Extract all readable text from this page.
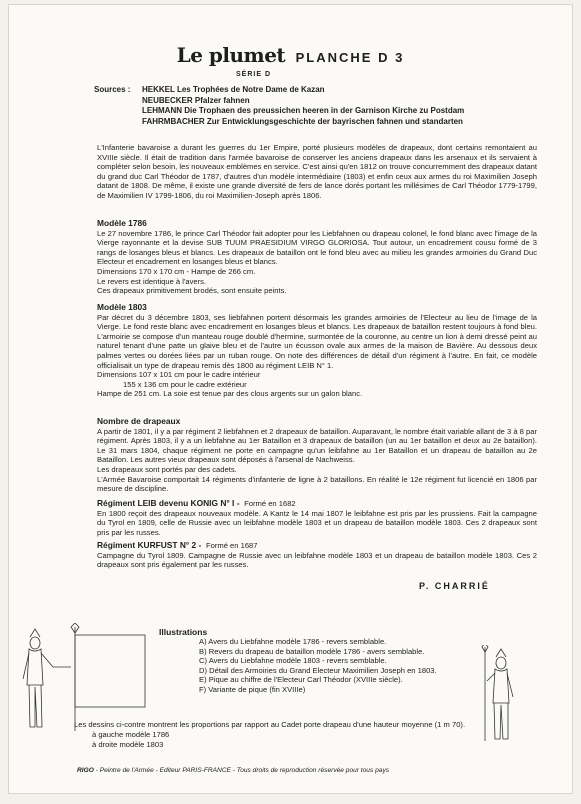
Le plumet PLANCHE D 3
SÉRIE D
Sources : HEKKEL Les Trophées de Notre Dame de Kazan
NEUBECKER Pfalzer fahnen
LEHMANN Die Trophaen des preussichen heeren in der Garnison Kirche zu Postdam
FAHRMBACHER Zur Entwicklungsgeschichte der bayrischen fahnen und standarten

L'Infanterie bavaroise a durant les guerres du 1er Empire, porté plusieurs modèles de drapeaux, dont certains remontaient au XVIIIe siècle. Il était de tradition dans l'armée bavaroise de conserver les anciens drapeaux dans les arsenaux et ils servaient à compléter selon besoin, les nouveaux emblèmes en service. C'est ainsi qu'en 1812 on trouve concurremment des drapeaux datant du grand duc Carl Théodor de 1787, d'autres d'un modèle intermédiaire (1803) et enfin ceux aux armes du roi Maximilien Joseph datant de 1808. De même, il existe une grande diversité de fers de lance dorés portant les millésimes de Carl Théodor 1779-1799, de Maximilien IV 1799-1806, du roi Maximilien-Joseph après 1806.

Modèle 1786

Le 27 novembre 1786, le prince Carl Théodor fait adopter pour les Liebfahnen ou drapeau colonel, le fond blanc avec l'image de la Vierge rayonnante et la devise SUB TUUM PRAESIDIUM VIRGO GLORIOSA. Tout autour, un encadrement cousu formé de 3 rangs de losanges bleus et blancs. Les drapeaux de bataillon ont le fond bleu avec au milieu les grandes armoiries du Grand Duc Electeur et encadrement en losanges bleus et blancs.

Dimensions 170 x 170 cm - Hampe de 266 cm.

Le revers est identique à l'avers.

Ces drapeaux primitivement brodés, sont ensuite peints.

Modèle 1803

Par décret du 3 décembre 1803, ses liebfahnen portent désormais les grandes armoiries de l'Electeur au lieu de l'image de la Vierge. Le fond reste blanc avec encadrement en losanges bleus et blancs. Les drapeaux de bataillon restent toujours à fond bleu. L'armoirie se compose d'un manteau rouge doublé d'hermine, surmontée de la couronne, au centre un lion à demi dressé peint au naturel tenant d'une patte un glaive bleu et de l'autre un écusson ovale aux armes de la maison de Bavière. Au dessous deux palmes vertes ou dorées liées par un ruban rouge. On note des différences de détail d'un régiment à l'autre. En fait, ce modèle officialisait un type de drapeau remis dès 1800 au régiment LEIB N° 1.

Dimensions 107 x 101 cm pour le cadre intérieur

155 x 136 cm pour le cadre extérieur

Hampe de 251 cm. La soie est tenue par des clous argents sur un galon blanc.

Nombre de drapeaux

A partir de 1801, il y a par régiment 2 liebfahnen et 2 drapeaux de bataillon. Auparavant, le nombre était variable allant de 3 à 8 par régiment. Après 1803, il y a un liebfahne au 1er Bataillon et 3 drapeaux de bataillon (un au 1er bataillon et deux au 2e bataillon). Le 31 mars 1804, chaque régiment ne porte en campagne qu'un leibfahne au 1er Bataillon et un drapeau de bataillon au 2e Bataillon. Les autres vieux drapeaux sont déposés à l'arsenal de Nachweiss.

Les drapeaux sont portés par des cadets.

L'Armée Bavaroise comportait 14 régiments d'infanterie de ligne à 2 bataillons. En réalité le 12e régiment fut licencié en 1806 par mesure de discipline.

Régiment LEIB devenu KONIG N° I - Formé en 1682

En 1800 reçoit des drapeaux nouveaux modèle. A Kantz le 14 mai 1807 le leibfahne est pris par les prussiens. Fait la campagne du Tyrol en 1809, celle de Russie avec un leibfahne modèle 1803 et un drapeau de bataillon modèle 1803. Ces 2 drapeaux sont pris par les russes.

Régiment KURFUST N° 2 - Formé en 1687

Campagne du Tyrol 1809. Campagne de Russie avec un leibfahne modèle 1803 et un drapeau de bataillon modèle 1803. Ces 2 drapeaux sont pris également par les russes.

P. CHARRIÉ
Illustrations
A) Avers du Liebfahne modèle 1786 - revers semblable.
B) Revers du drapeau de bataillon modèle 1786 - avers semblable.
C) Avers du Liebfahne modèle 1803 - revers semblable.
D) Détail des Armoiries du Grand Electeur Maximilien Joseph en 1803.
E) Pique au chiffre de l'Electeur Carl Théodor (XVIIIe siècle).
F) Variante de pique (fin XVIIIe)
Les dessins ci-contre montrent les proportions par rapport au Cadet porte drapeau d'une hauteur moyenne (1 m 70).
à gauche modèle 1786
à droite modèle 1803
RIGO - Peintre de l'Armée - Editeur PARIS-FRANCE - Tous droits de reproduction réservée pour tous pays
